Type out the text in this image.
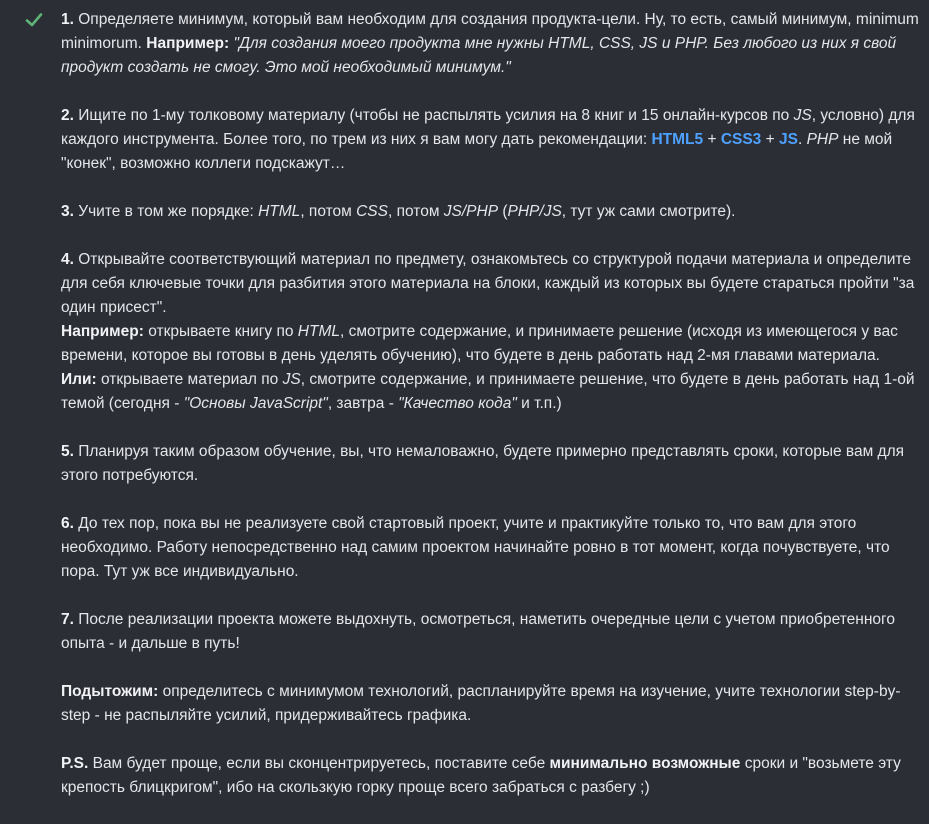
1. Определяете минимум, который вам необходим для создания продукта-цели. Ну, то есть, самый минимум, minimum minimorum. Например: "Для создания моего продукта мне нужны HTML, CSS, JS и PHP. Без любого из них я свой продукт создать не смогу. Это мой необходимый минимум."

2. Ищите по 1-му толковому материалу (чтобы не распылять усилия на 8 книг и 15 онлайн-курсов по JS, условно) для каждого инструмента. Более того, по трем из них я вам могу дать рекомендации: HTML5 + CSS3 + JS. PHP не мой "конек", возможно коллеги подскажут…

3. Учите в том же порядке: HTML, потом CSS, потом JS/PHP (PHP/JS, тут уж сами смотрите).

4. Открывайте соответствующий материал по предмету, ознакомьтесь со структурой подачи материала и определите для себя ключевые точки для разбития этого материала на блоки, каждый из которых вы будете стараться пройти "за один присест".
Например: открываете книгу по HTML, смотрите содержание, и принимаете решение (исходя из имеющегося у вас времени, которое вы готовы в день уделять обучению), что будете в день работать над 2-мя главами материала.
Или: открываете материал по JS, смотрите содержание, и принимаете решение, что будете в день работать над 1-ой темой (сегодня - "Основы JavaScript", завтра - "Качество кода" и т.п.)

5. Планируя таким образом обучение, вы, что немаловажно, будете примерно представлять сроки, которые вам для этого потребуются.

6. До тех пор, пока вы не реализуете свой стартовый проект, учите и практикуйте только то, что вам для этого необходимо. Работу непосредственно над самим проектом начинайте ровно в тот момент, когда почувствуете, что пора. Тут уж все индивидуально.

7. После реализации проекта можете выдохнуть, осмотреться, наметить очередные цели с учетом приобретенного опыта - и дальше в путь!

Подытожим: определитесь с минимумом технологий, распланируйте время на изучение, учите технологии step-by-step - не распыляйте усилий, придерживайтесь графика.

P.S. Вам будет проще, если вы сконцентрируетесь, поставите себе минимально возможные сроки и "возьмете эту крепость блицкригом", ибо на скользкую горку проще всего забраться с разбегу ;)
